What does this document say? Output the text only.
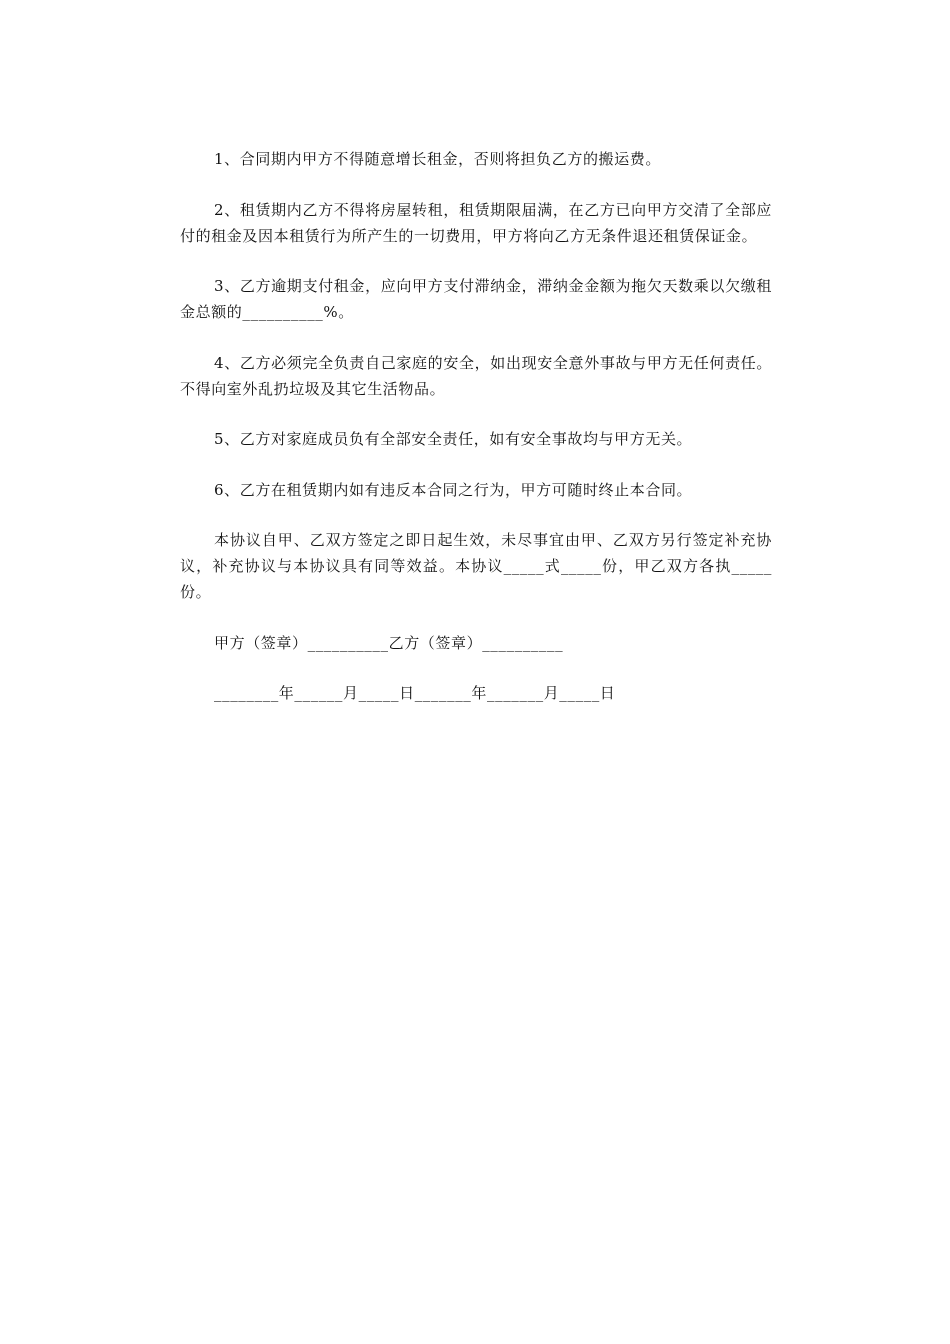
1、合同期内甲方不得随意增长租金，否则将担负乙方的搬运费。

2、租赁期内乙方不得将房屋转租，租赁期限届满，在乙方已向甲方交清了全部应付的租金及因本租赁行为所产生的一切费用，甲方将向乙方无条件退还租赁保证金。

3、乙方逾期支付租金，应向甲方支付滞纳金，滞纳金金额为拖欠天数乘以欠缴租金总额的__________%。

4、乙方必须完全负责自己家庭的安全，如出现安全意外事故与甲方无任何责任。不得向室外乱扔垃圾及其它生活物品。

5、乙方对家庭成员负有全部安全责任，如有安全事故均与甲方无关。

6、乙方在租赁期内如有违反本合同之行为，甲方可随时终止本合同。

本协议自甲、乙双方签定之即日起生效，未尽事宜由甲、乙双方另行签定补充协议，补充协议与本协议具有同等效益。本协议_____式_____份，甲乙双方各执_____份。

甲方（签章）__________乙方（签章）__________

________年______月_____日_______年_______月_____日
